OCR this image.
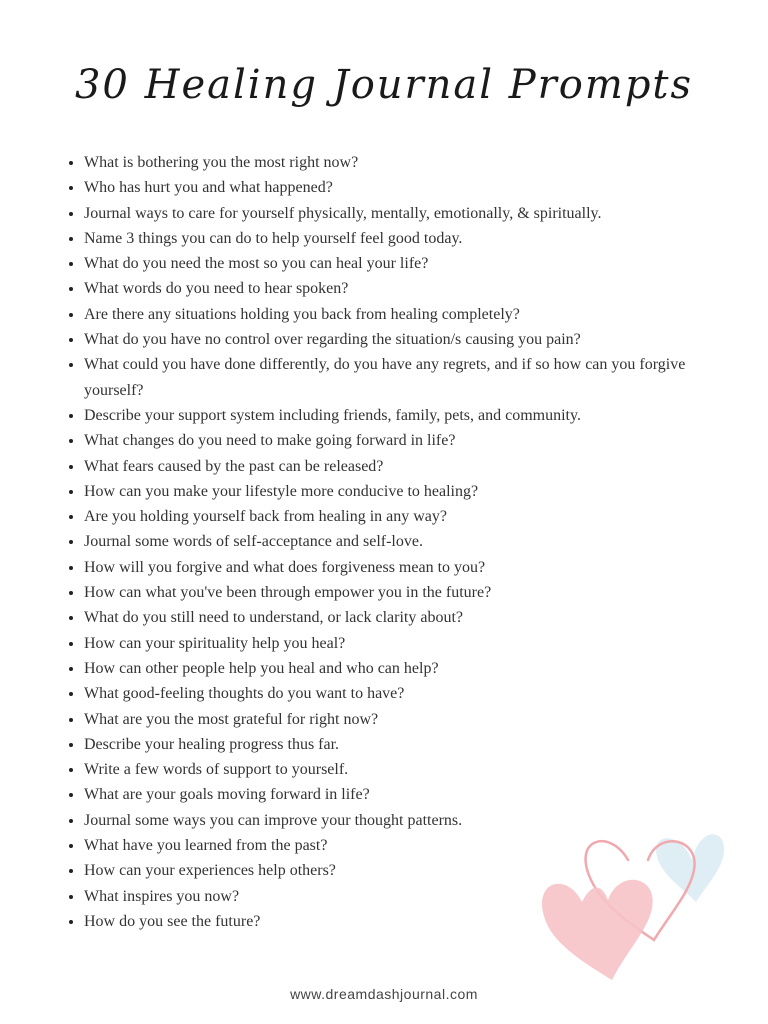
30 Healing Journal Prompts
• What is bothering you the most right now?
• Who has hurt you and what happened?
• Journal ways to care for yourself physically, mentally, emotionally, & spiritually.
• Name 3 things you can do to help yourself feel good today.
• What do you need the most so you can heal your life?
• What words do you need to hear spoken?
• Are there any situations holding you back from healing completely?
• What do you have no control over regarding the situation/s causing you pain?
• What could you have done differently, do you have any regrets, and if so how can you forgive yourself?
• Describe your support system including friends, family, pets, and community.
• What changes do you need to make going forward in life?
• What fears caused by the past can be released?
• How can you make your lifestyle more conducive to healing?
• Are you holding yourself back from healing in any way?
• Journal some words of self-acceptance and self-love.
• How will you forgive and what does forgiveness mean to you?
• How can what you've been through empower you in the future?
• What do you still need to understand, or lack clarity about?
• How can your spirituality help you heal?
• How can other people help you heal and who can help?
• What good-feeling thoughts do you want to have?
• What are you the most grateful for right now?
• Describe your healing progress thus far.
• Write a few words of support to yourself.
• What are your goals moving forward in life?
• Journal some ways you can improve your thought patterns.
• What have you learned from the past?
• How can your experiences help others?
• What inspires you now?
• How do you see the future?
www.dreamdashjournal.com
